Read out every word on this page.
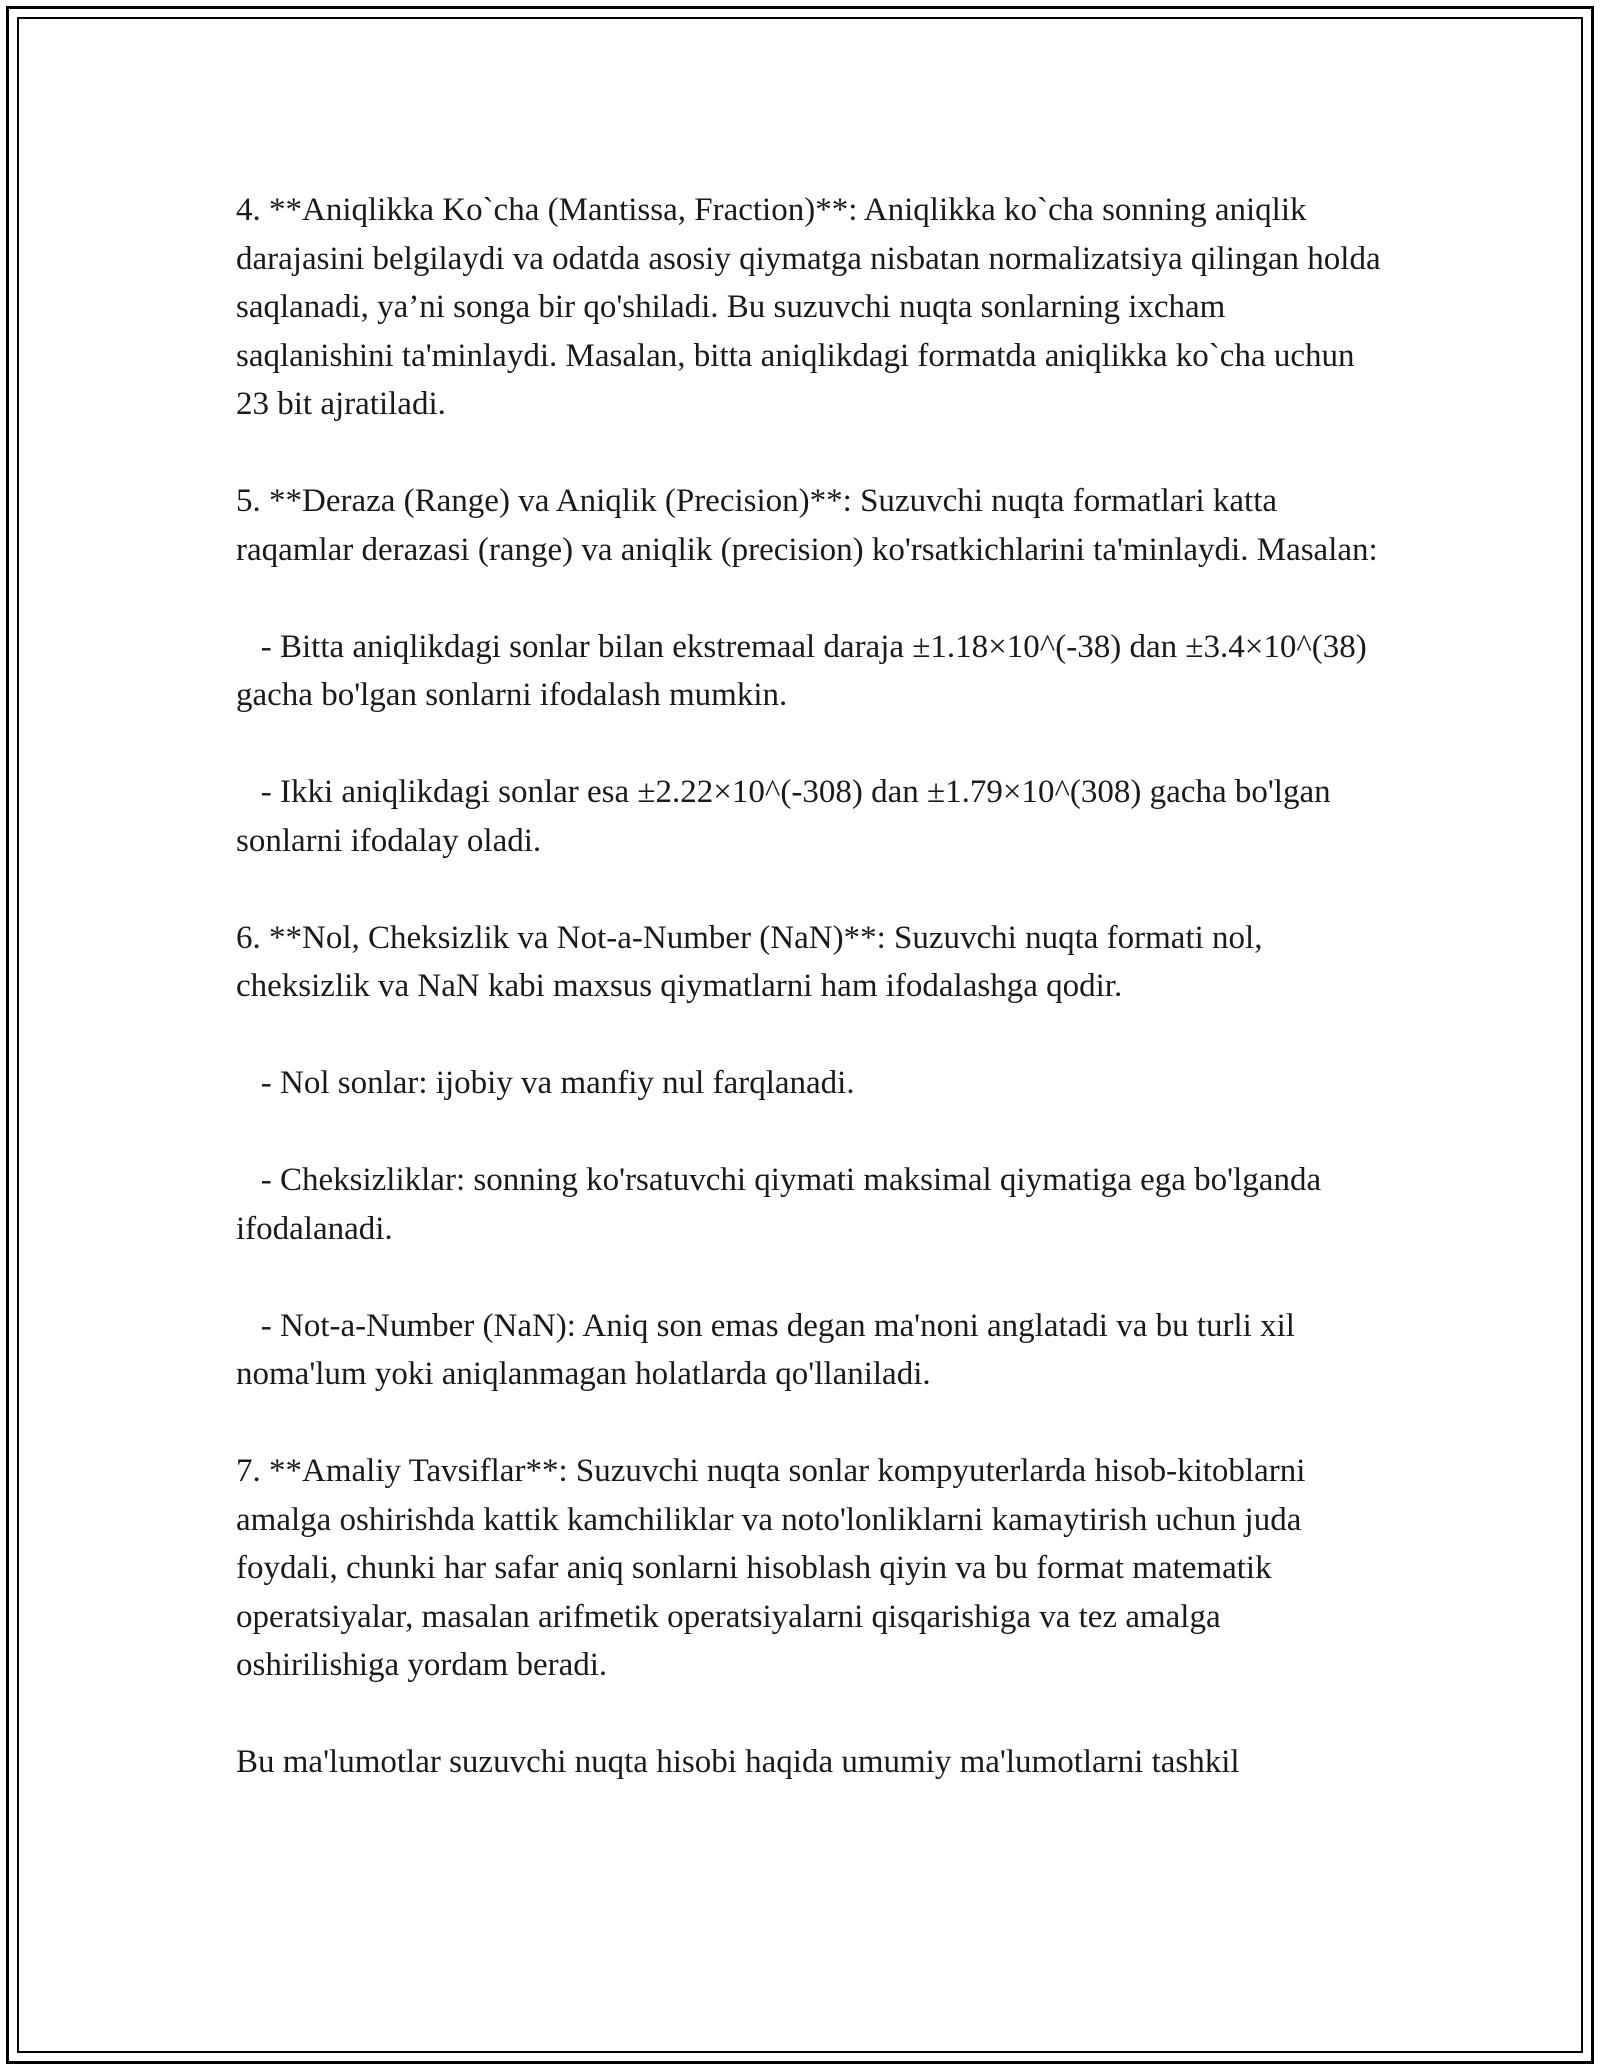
4. **Aniqlikka Ko`cha (Mantissa, Fraction)**: Aniqlikka ko`cha sonning aniqlik darajasini belgilaydi va odatda asosiy qiymatga nisbatan normalizatsiya qilingan holda saqlanadi, ya’ni songa bir qo'shiladi. Bu suzuvchi nuqta sonlarning ixcham saqlanishini ta'minlaydi. Masalan, bitta aniqlikdagi formatda aniqlikka ko`cha uchun 23 bit ajratiladi.

5. **Deraza (Range) va Aniqlik (Precision)**: Suzuvchi nuqta formatlari katta raqamlar derazasi (range) va aniqlik (precision) ko'rsatkichlarini ta'minlaydi. Masalan:

- Bitta aniqlikdagi sonlar bilan ekstremaal daraja ±1.18×10^(-38) dan ±3.4×10^(38) gacha bo'lgan sonlarni ifodalash mumkin.

- Ikki aniqlikdagi sonlar esa ±2.22×10^(-308) dan ±1.79×10^(308) gacha bo'lgan sonlarni ifodalay oladi.

6. **Nol, Cheksizlik va Not-a-Number (NaN)**: Suzuvchi nuqta formati nol, cheksizlik va NaN kabi maxsus qiymatlarni ham ifodalashga qodir.

- Nol sonlar: ijobiy va manfiy nul farqlanadi.

- Cheksizliklar: sonning ko'rsatuvchi qiymati maksimal qiymatiga ega bo'lganda ifodalanadi.

- Not-a-Number (NaN): Aniq son emas degan ma'noni anglatadi va bu turli xil noma'lum yoki aniqlanmagan holatlarda qo'llaniladi.

7. **Amaliy Tavsiflar**: Suzuvchi nuqta sonlar kompyuterlarda hisob-kitoblarni amalga oshirishda kattik kamchiliklar va noto'lonliklarni kamaytirish uchun juda foydali, chunki har safar aniq sonlarni hisoblash qiyin va bu format matematik operatsiyalar, masalan arifmetik operatsiyalarni qisqarishiga va tez amalga oshirilishiga yordam beradi.

Bu ma'lumotlar suzuvchi nuqta hisobi haqida umumiy ma'lumotlarni tashkil
